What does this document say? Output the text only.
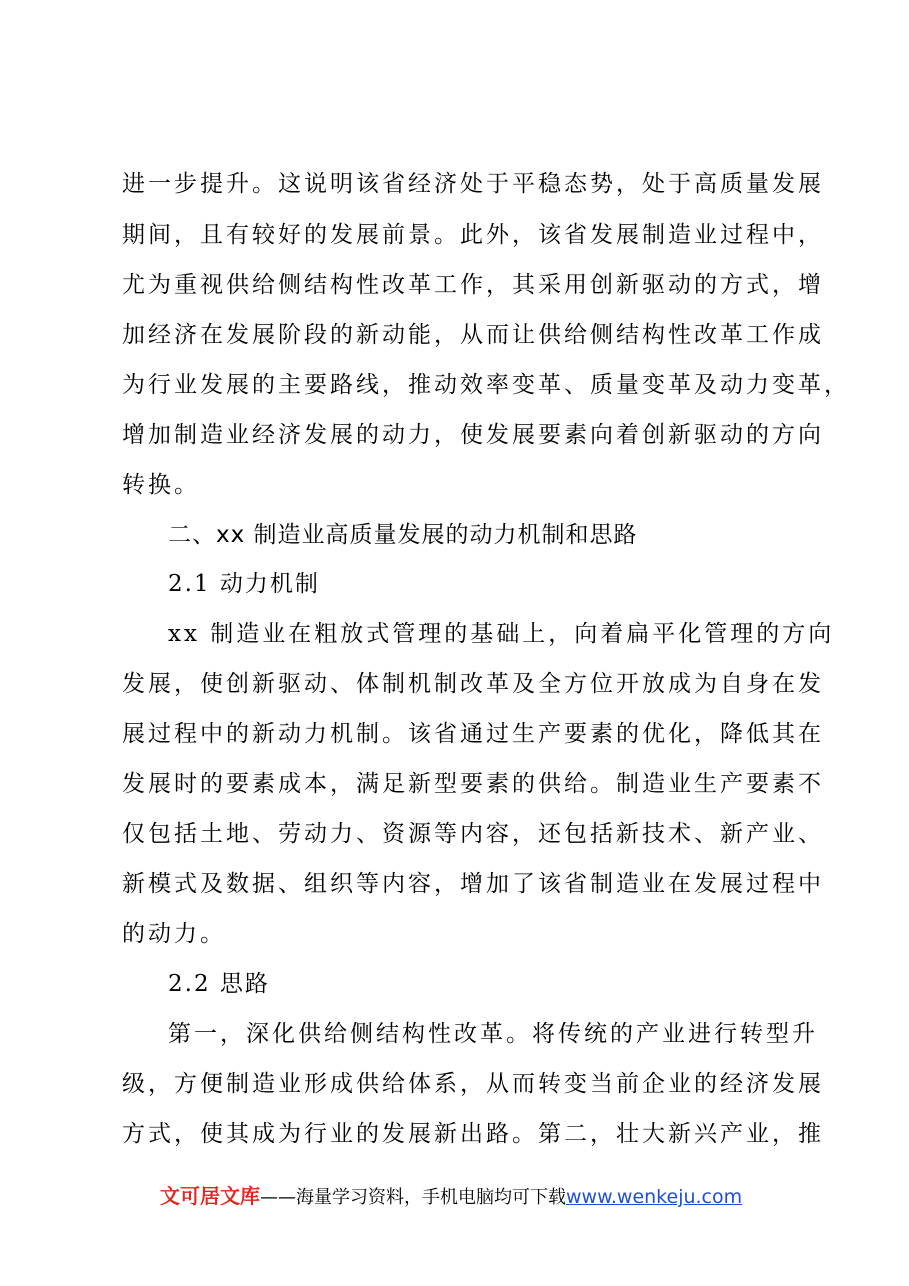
进一步提升。这说明该省经济处于平稳态势，处于高质量发展
期间，且有较好的发展前景。此外，该省发展制造业过程中，
尤为重视供给侧结构性改革工作，其采用创新驱动的方式，增
加经济在发展阶段的新动能，从而让供给侧结构性改革工作成
为行业发展的主要路线，推动效率变革、质量变革及动力变革，
增加制造业经济发展的动力，使发展要素向着创新驱动的方向
转换。
二、xx 制造业高质量发展的动力机制和思路
2.1 动力机制
xx 制造业在粗放式管理的基础上，向着扁平化管理的方向
发展，使创新驱动、体制机制改革及全方位开放成为自身在发
展过程中的新动力机制。该省通过生产要素的优化，降低其在
发展时的要素成本，满足新型要素的供给。制造业生产要素不
仅包括土地、劳动力、资源等内容，还包括新技术、新产业、
新模式及数据、组织等内容，增加了该省制造业在发展过程中
的动力。
2.2 思路
第一，深化供给侧结构性改革。将传统的产业进行转型升
级，方便制造业形成供给体系，从而转变当前企业的经济发展
方式，使其成为行业的发展新出路。第二，壮大新兴产业，推
文可居文库——海量学习资料，手机电脑均可下载www.wenkeju.com
